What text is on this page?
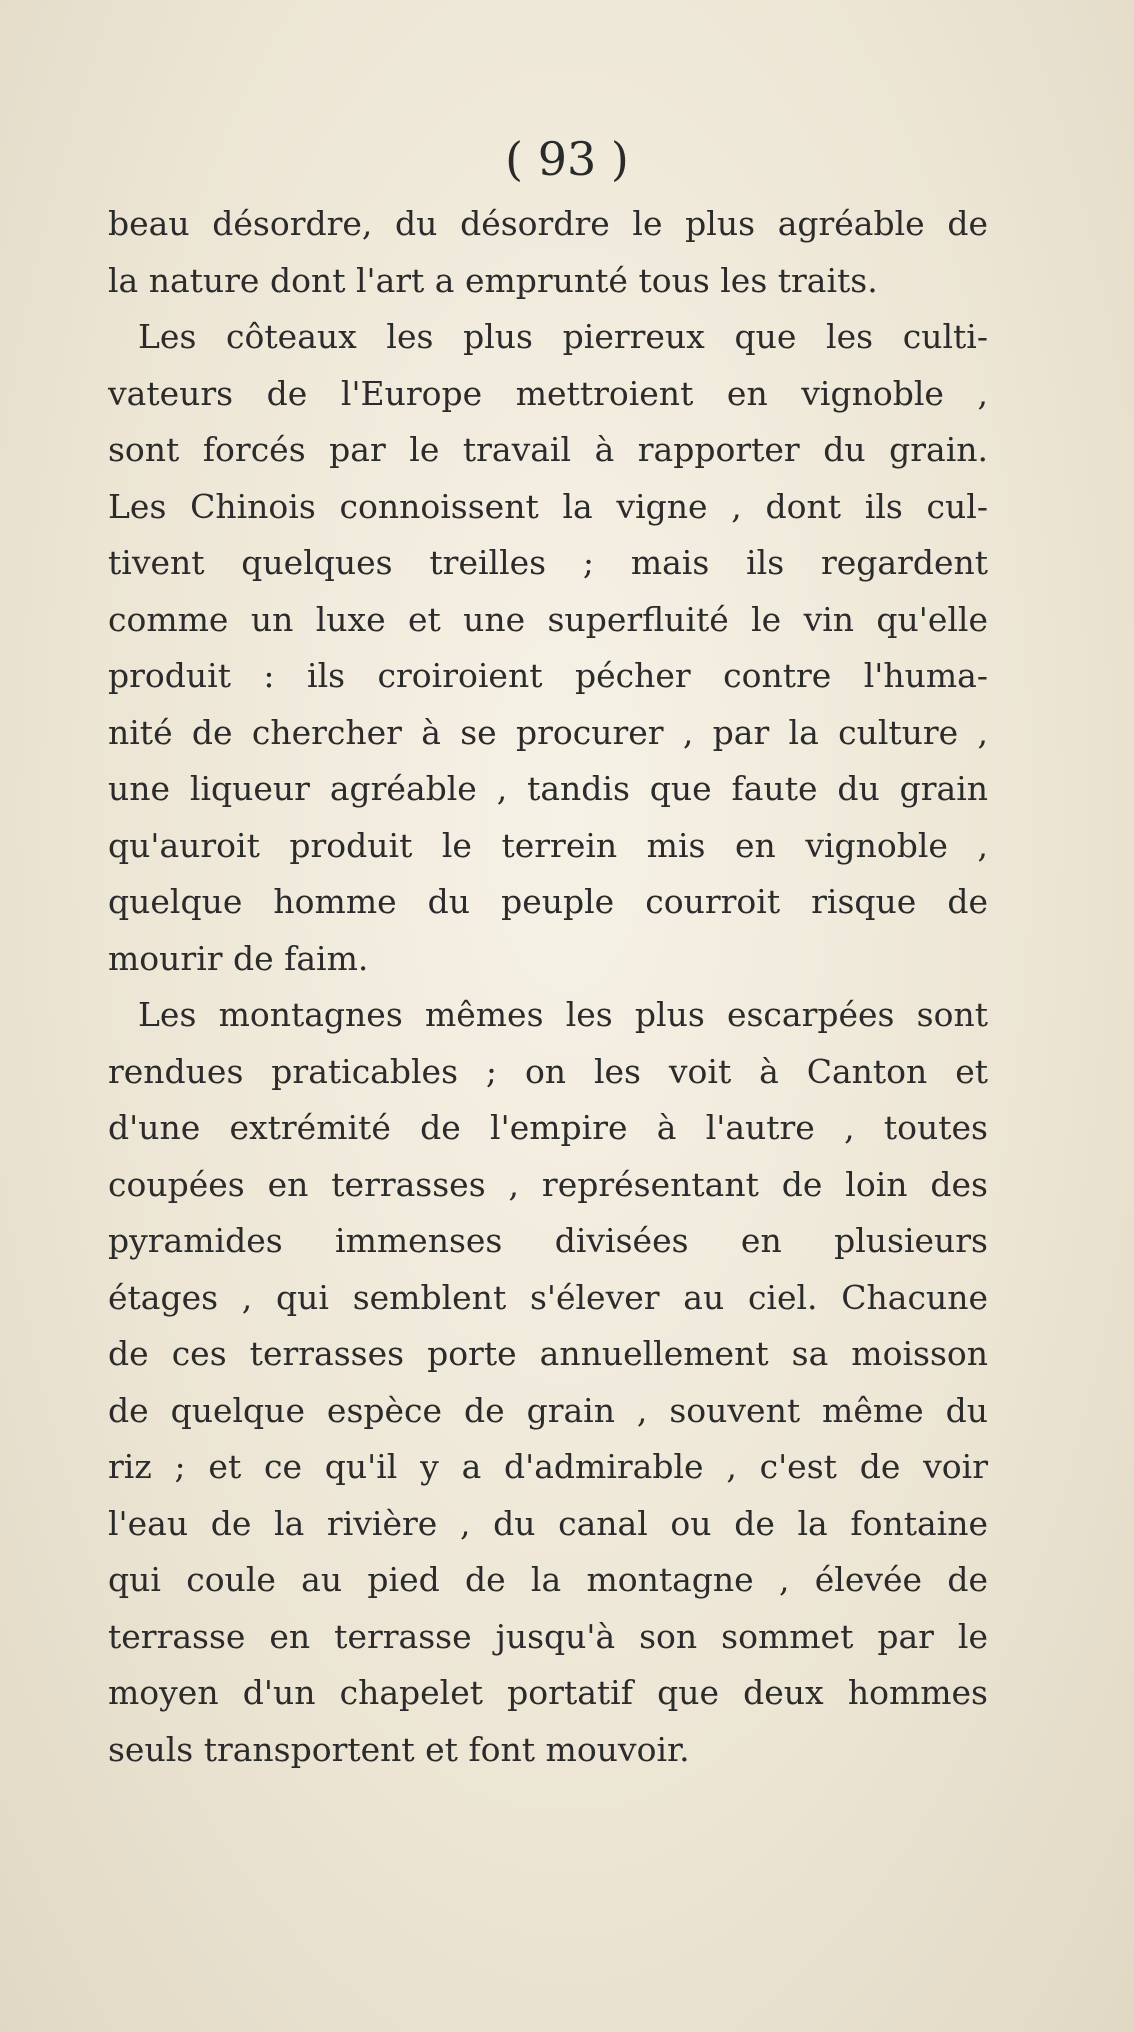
( 93 )
beau désordre, du désordre le plus agréable de
la nature dont l'art a emprunté tous les traits.
Les côteaux les plus pierreux que les culti-
vateurs de l'Europe mettroient en vignoble ,
sont forcés par le travail à rapporter du grain.
Les Chinois connoissent la vigne , dont ils cul-
tivent quelques treilles ; mais ils regardent
comme un luxe et une superfluité le vin qu'elle
produit : ils croiroient pécher contre l'huma-
nité de chercher à se procurer , par la culture ,
une liqueur agréable , tandis que faute du grain
qu'auroit produit le terrein mis en vignoble ,
quelque homme du peuple courroit risque de
mourir de faim.
Les montagnes mêmes les plus escarpées sont
rendues praticables ; on les voit à Canton et
d'une extrémité de l'empire à l'autre , toutes
coupées en terrasses , représentant de loin des
pyramides immenses divisées en plusieurs
étages , qui semblent s'élever au ciel. Chacune
de ces terrasses porte annuellement sa moisson
de quelque espèce de grain , souvent même du
riz ; et ce qu'il y a d'admirable , c'est de voir
l'eau de la rivière , du canal ou de la fontaine
qui coule au pied de la montagne , élevée de
terrasse en terrasse jusqu'à son sommet par le
moyen d'un chapelet portatif que deux hommes
seuls transportent et font mouvoir.
